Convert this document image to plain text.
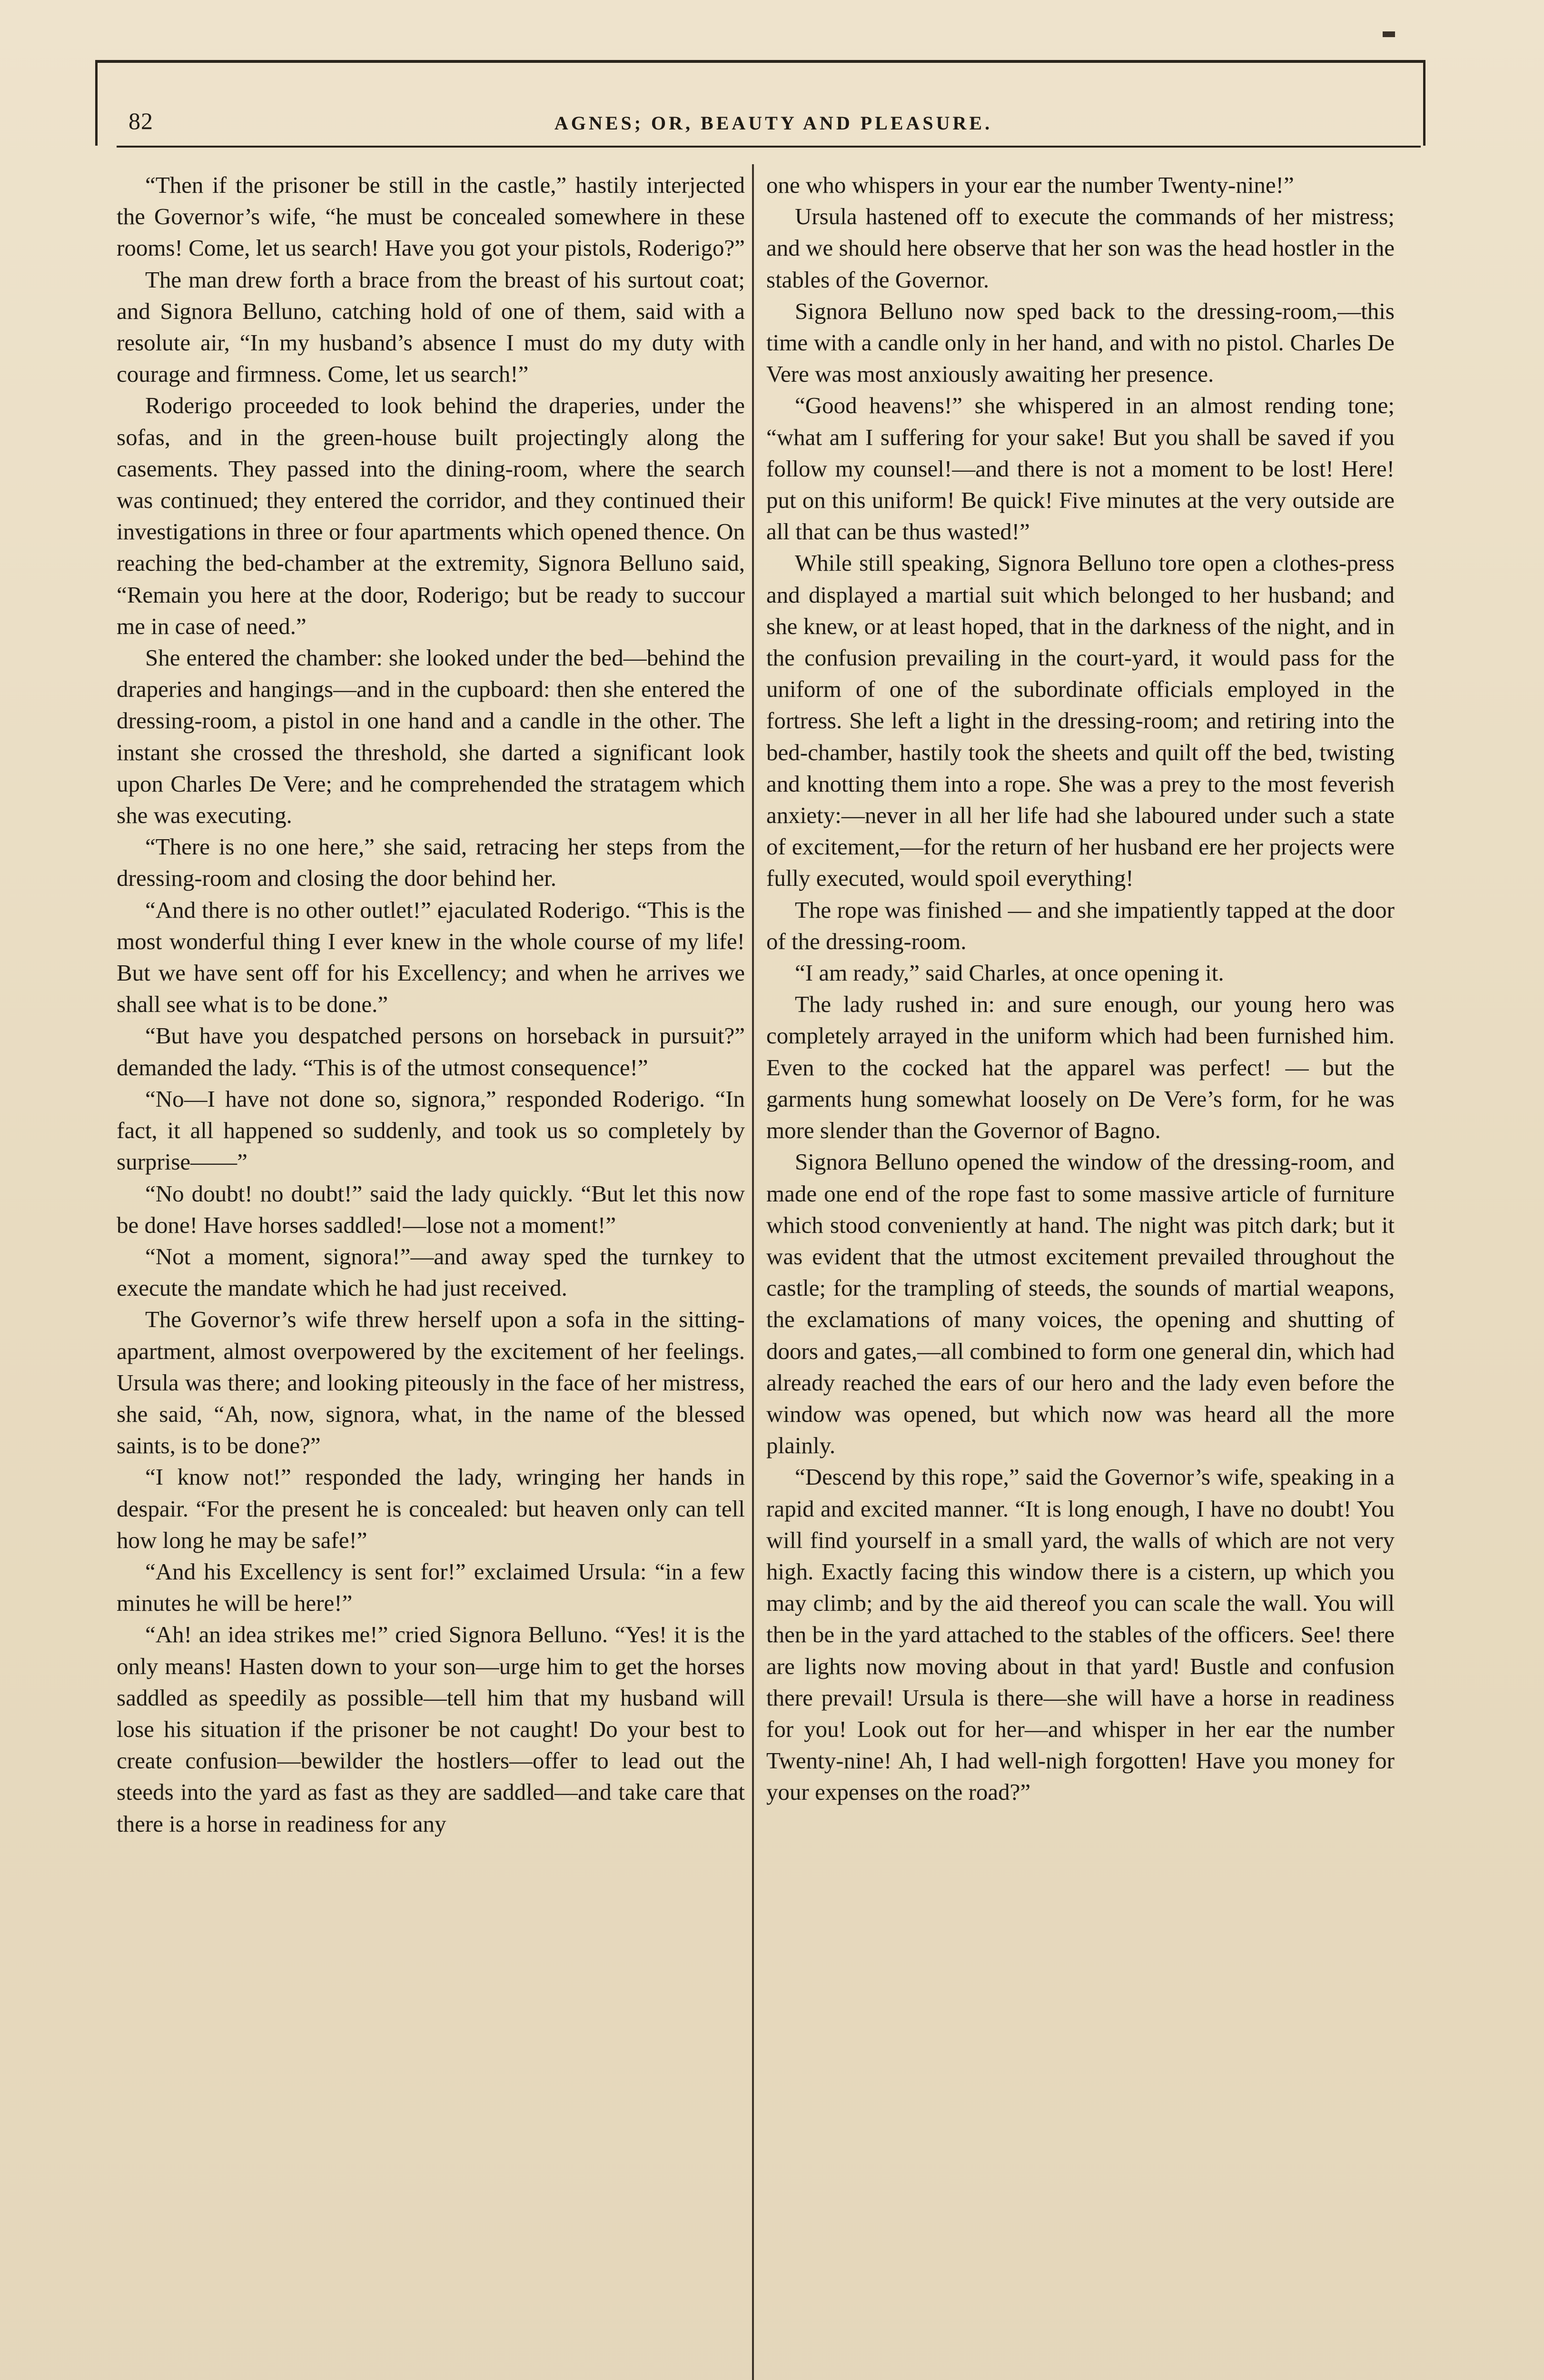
82	AGNES; OR, BEAUTY AND PLEASURE.

“Then if the prisoner be still in the castle,” hastily interjected the Governor’s wife, “he must be concealed somewhere in these rooms! Come, let us search! Have you got your pistols, Roderigo?”

The man drew forth a brace from the breast of his surtout coat; and Signora Belluno, catching hold of one of them, said with a resolute air, “In my husband’s absence I must do my duty with courage and firmness. Come, let us search!”

Roderigo proceeded to look behind the draperies, under the sofas, and in the green-house built projectingly along the casements. They passed into the dining-room, where the search was continued; they entered the corridor, and they continued their investigations in three or four apartments which opened thence. On reaching the bed-chamber at the extremity, Signora Belluno said, “Remain you here at the door, Roderigo; but be ready to succour me in case of need.”

She entered the chamber: she looked under the bed—behind the draperies and hangings—and in the cupboard: then she entered the dressing-room, a pistol in one hand and a candle in the other. The instant she crossed the threshold, she darted a significant look upon Charles De Vere; and he comprehended the stratagem which she was executing.

“There is no one here,” she said, retracing her steps from the dressing-room and closing the door behind her.

“And there is no other outlet!” ejaculated Roderigo. “This is the most wonderful thing I ever knew in the whole course of my life! But we have sent off for his Excellency; and when he arrives we shall see what is to be done.”

“But have you despatched persons on horseback in pursuit?” demanded the lady. “This is of the utmost consequence!”

“No—I have not done so, signora,” responded Roderigo. “In fact, it all happened so suddenly, and took us so completely by surprise——”

“No doubt! no doubt!” said the lady quickly. “But let this now be done! Have horses saddled!—lose not a moment!”

“Not a moment, signora!”—and away sped the turnkey to execute the mandate which he had just received.

The Governor’s wife threw herself upon a sofa in the sitting-apartment, almost overpowered by the excitement of her feelings. Ursula was there; and looking piteously in the face of her mistress, she said, “Ah, now, signora, what, in the name of the blessed saints, is to be done?”

“I know not!” responded the lady, wringing her hands in despair. “For the present he is concealed: but heaven only can tell how long he may be safe!”

“And his Excellency is sent for!” exclaimed Ursula: “in a few minutes he will be here!”

“Ah! an idea strikes me!” cried Signora Belluno. “Yes! it is the only means! Hasten down to your son—urge him to get the horses saddled as speedily as possible—tell him that my husband will lose his situation if the prisoner be not caught! Do your best to create confusion—bewilder the hostlers—offer to lead out the steeds into the yard as fast as they are saddled—and take care that there is a horse in readiness for any

one who whispers in your ear the number Twenty-nine!”

Ursula hastened off to execute the commands of her mistress; and we should here observe that her son was the head hostler in the stables of the Governor.

Signora Belluno now sped back to the dressing-room,—this time with a candle only in her hand, and with no pistol. Charles De Vere was most anxiously awaiting her presence.

“Good heavens!” she whispered in an almost rending tone; “what am I suffering for your sake! But you shall be saved if you follow my counsel!—and there is not a moment to be lost! Here! put on this uniform! Be quick! Five minutes at the very outside are all that can be thus wasted!”

While still speaking, Signora Belluno tore open a clothes-press and displayed a martial suit which belonged to her husband; and she knew, or at least hoped, that in the darkness of the night, and in the confusion prevailing in the court-yard, it would pass for the uniform of one of the subordinate officials employed in the fortress. She left a light in the dressing-room; and retiring into the bed-chamber, hastily took the sheets and quilt off the bed, twisting and knotting them into a rope. She was a prey to the most feverish anxiety:—never in all her life had she laboured under such a state of excitement,—for the return of her husband ere her projects were fully executed, would spoil everything!

The rope was finished — and she impatiently tapped at the door of the dressing-room.

“I am ready,” said Charles, at once opening it.

The lady rushed in: and sure enough, our young hero was completely arrayed in the uniform which had been furnished him. Even to the cocked hat the apparel was perfect! — but the garments hung somewhat loosely on De Vere’s form, for he was more slender than the Governor of Bagno.

Signora Belluno opened the window of the dressing-room, and made one end of the rope fast to some massive article of furniture which stood conveniently at hand. The night was pitch dark; but it was evident that the utmost excitement prevailed throughout the castle; for the trampling of steeds, the sounds of martial weapons, the exclamations of many voices, the opening and shutting of doors and gates,—all combined to form one general din, which had already reached the ears of our hero and the lady even before the window was opened, but which now was heard all the more plainly.

“Descend by this rope,” said the Governor’s wife, speaking in a rapid and excited manner. “It is long enough, I have no doubt! You will find yourself in a small yard, the walls of which are not very high. Exactly facing this window there is a cistern, up which you may climb; and by the aid thereof you can scale the wall. You will then be in the yard attached to the stables of the officers. See! there are lights now moving about in that yard! Bustle and confusion there prevail! Ursula is there—she will have a horse in readiness for you! Look out for her—and whisper in her ear the number Twenty-nine! Ah, I had well-nigh forgotten! Have you money for your expenses on the road?”
